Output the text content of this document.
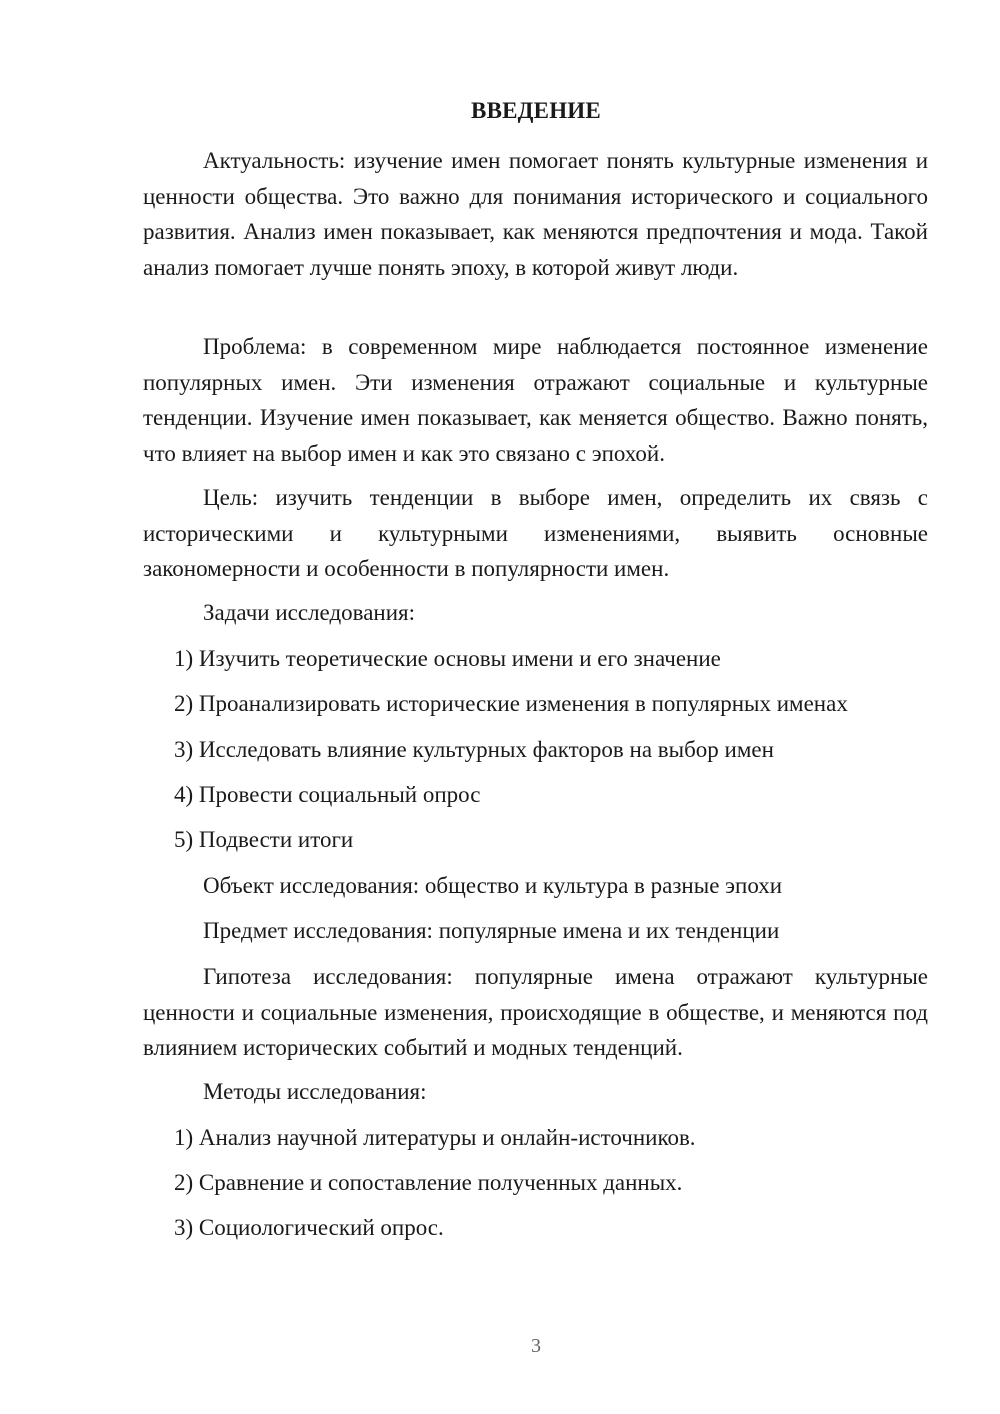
ВВЕДЕНИЕ

Актуальность: изучение имен помогает понять культурные изменения и ценности общества. Это важно для понимания исторического и социального развития. Анализ имен показывает, как меняются предпочтения и мода. Такой анализ помогает лучше понять эпоху, в которой живут люди.

Проблема: в современном мире наблюдается постоянное изменение популярных имен. Эти изменения отражают социальные и культурные тенденции. Изучение имен показывает, как меняется общество. Важно понять, что влияет на выбор имен и как это связано с эпохой.

Цель: изучить тенденции в выборе имен, определить их связь с историческими и культурными изменениями, выявить основные закономерности и особенности в популярности имен.

Задачи исследования:

1) Изучить теоретические основы имени и его значение

2) Проанализировать исторические изменения в популярных именах

3) Исследовать влияние культурных факторов на выбор имен

4) Провести социальный опрос

5) Подвести итоги

Объект исследования: общество и культура в разные эпохи

Предмет исследования: популярные имена и их тенденции

Гипотеза исследования: популярные имена отражают культурные ценности и социальные изменения, происходящие в обществе, и меняются под влиянием исторических событий и модных тенденций.

Методы исследования:

1) Анализ научной литературы и онлайн-источников.

2) Сравнение и сопоставление полученных данных.

3) Социологический опрос.

3
